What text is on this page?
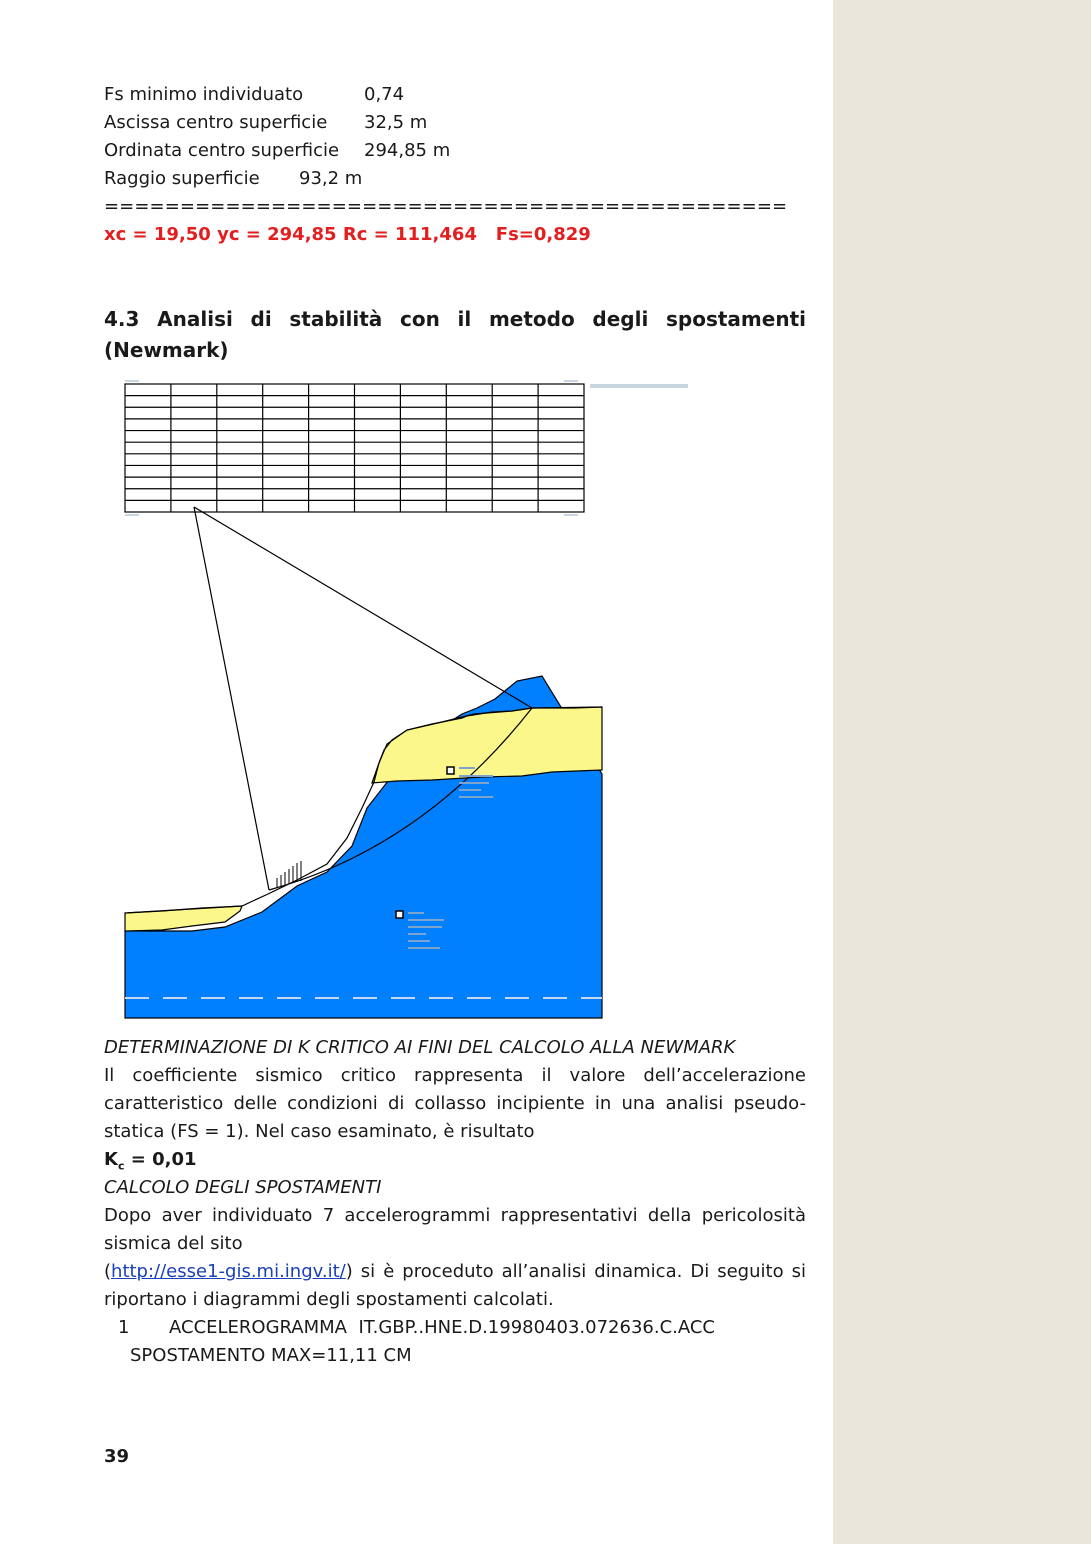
Fs minimo individuato	0,74
Ascissa centro superficie 32,5 m
Ordinata centro superficie 294,85 m
Raggio superficie 93,2 m
=============================================
xc = 19,50 yc = 294,85 Rc = 111,464   Fs=0,829
4.3 Analisi di stabilità con il metodo degli spostamenti (Newmark)
DETERMINAZIONE DI K CRITICO AI FINI DEL CALCOLO ALLA NEWMARK
Il coefficiente sismico critico rappresenta il valore dell’accelerazione caratteristico delle condizioni di collasso incipiente in una analisi pseudo-statica (FS = 1). Nel caso esaminato, è risultato
$K_c = 0,01$
CALCOLO DEGLI SPOSTAMENTI
Dopo aver individuato 7 accelerogrammi rappresentativi della pericolosità sismica del sito
(http://esse1-gis.mi.ingv.it/) si è proceduto all’analisi dinamica. Di seguito si riportano i diagrammi degli spostamenti calcolati.
1 ACCELEROGRAMMA  IT.GBP..HNE.D.19980403.072636.C.ACC
SPOSTAMENTO MAX=11,11 CM
39
